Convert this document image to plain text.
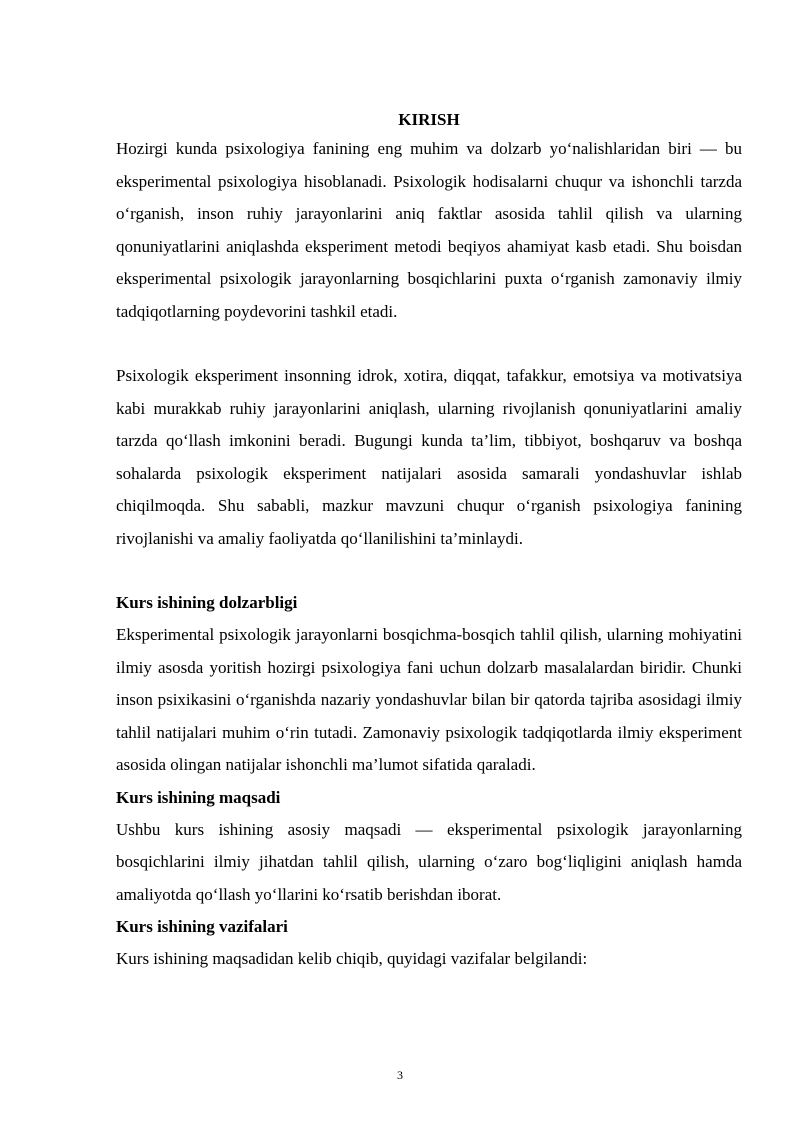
KIRISH

Hozirgi kunda psixologiya fanining eng muhim va dolzarb yo‘nalishlaridan biri — bu eksperimental psixologiya hisoblanadi. Psixologik hodisalarni chuqur va ishonchli tarzda o‘rganish, inson ruhiy jarayonlarini aniq faktlar asosida tahlil qilish va ularning qonuniyatlarini aniqlashda eksperiment metodi beqiyos ahamiyat kasb etadi. Shu boisdan eksperimental psixologik jarayonlarning bosqichlarini puxta o‘rganish zamonaviy ilmiy tadqiqotlarning poydevorini tashkil etadi.

Psixologik eksperiment insonning idrok, xotira, diqqat, tafakkur, emotsiya va motivatsiya kabi murakkab ruhiy jarayonlarini aniqlash, ularning rivojlanish qonuniyatlarini amaliy tarzda qo‘llash imkonini beradi. Bugungi kunda ta’lim, tibbiyot, boshqaruv va boshqa sohalarda psixologik eksperiment natijalari asosida samarali yondashuvlar ishlab chiqilmoqda. Shu sababli, mazkur mavzuni chuqur o‘rganish psixologiya fanining rivojlanishi va amaliy faoliyatda qo‘llanilishini ta’minlaydi.

Kurs ishining dolzarbligi

Eksperimental psixologik jarayonlarni bosqichma-bosqich tahlil qilish, ularning mohiyatini ilmiy asosda yoritish hozirgi psixologiya fani uchun dolzarb masalalardan biridir. Chunki inson psixikasini o‘rganishda nazariy yondashuvlar bilan bir qatorda tajriba asosidagi ilmiy tahlil natijalari muhim o‘rin tutadi. Zamonaviy psixologik tadqiqotlarda ilmiy eksperiment asosida olingan natijalar ishonchli ma’lumot sifatida qaraladi.

Kurs ishining maqsadi

Ushbu kurs ishining asosiy maqsadi — eksperimental psixologik jarayonlarning bosqichlarini ilmiy jihatdan tahlil qilish, ularning o‘zaro bog‘liqligini aniqlash hamda amaliyotda qo‘llash yo‘llarini ko‘rsatib berishdan iborat.

Kurs ishining vazifalari

Kurs ishining maqsadidan kelib chiqib, quyidagi vazifalar belgilandi:

3
